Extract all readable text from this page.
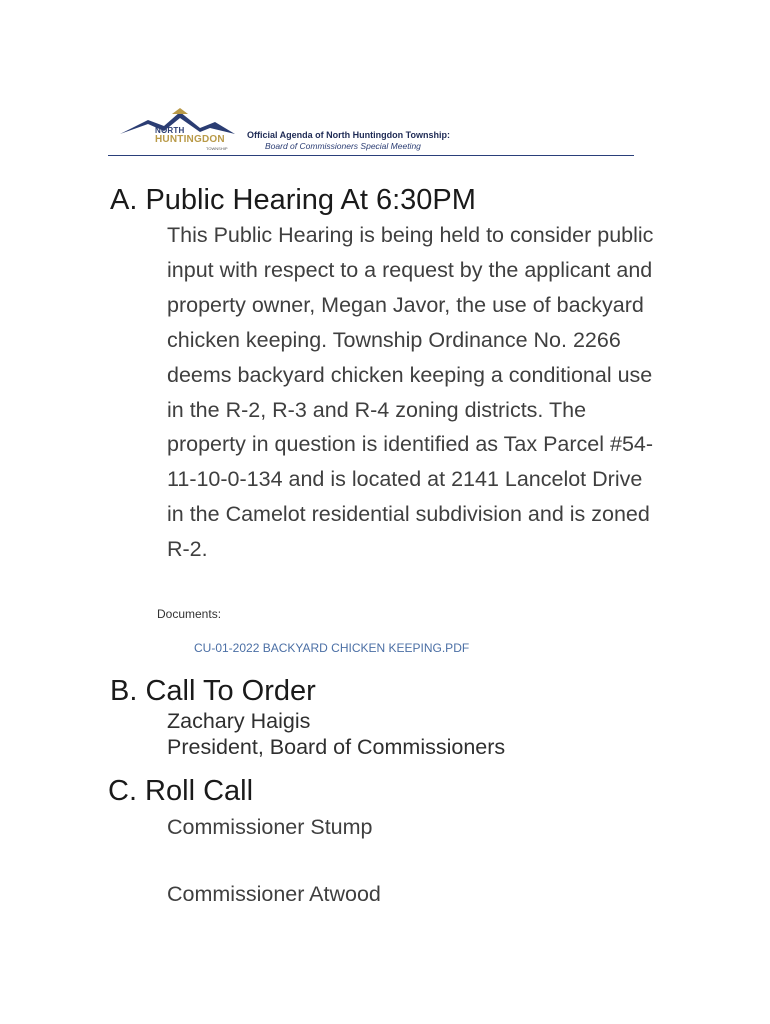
NORTH
HUNTINGDON
TOWNSHIP
Official Agenda of North Huntingdon Township:
Board of Commissioners Special Meeting
A. Public Hearing At 6:30PM

This Public Hearing is being held to consider public input with respect to a request by the applicant and property owner, Megan Javor, the use of backyard chicken keeping. Township Ordinance No. 2266 deems backyard chicken keeping a conditional use in the R-2, R-3 and R-4 zoning districts. The property in question is identified as Tax Parcel #54-11-10-0-134 and is located at 2141 Lancelot Drive in the Camelot residential subdivision and is zoned R-2.

Documents:
CU-01-2022 BACKYARD CHICKEN KEEPING.PDF
B. Call To Order
Zachary Haigis
President, Board of Commissioners
C. Roll Call
Commissioner Stump
Commissioner Atwood
